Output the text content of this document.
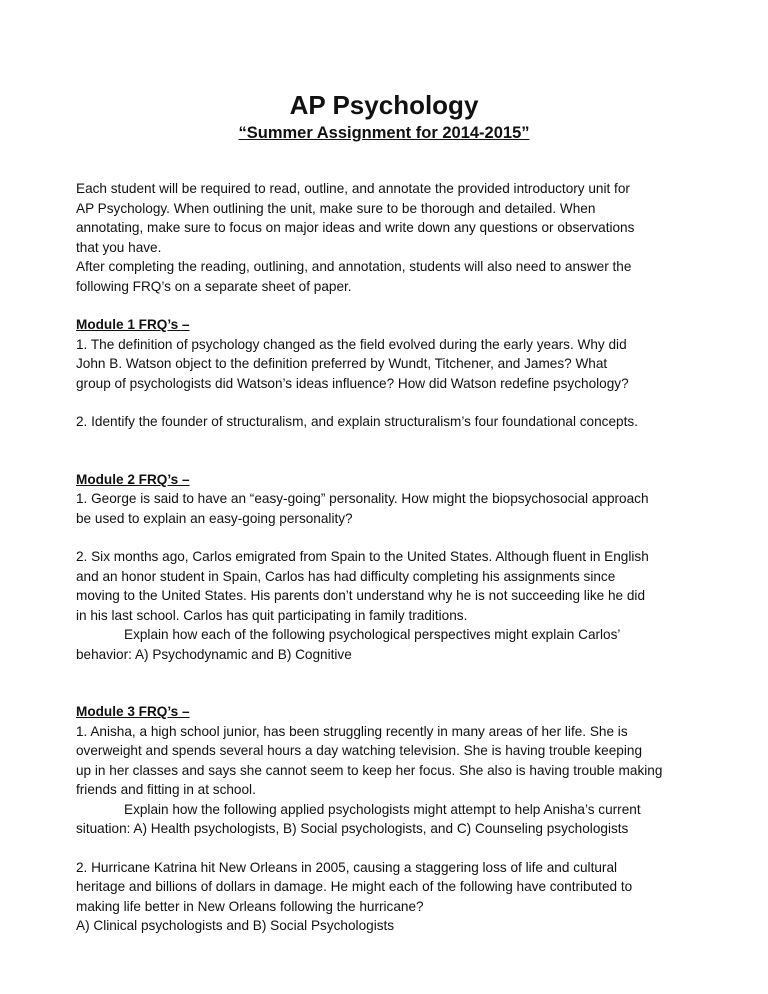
AP Psychology
“Summer Assignment for 2014-2015”

Each student will be required to read, outline, and annotate the provided introductory unit for
AP Psychology. When outlining the unit, make sure to be thorough and detailed. When
annotating, make sure to focus on major ideas and write down any questions or observations
that you have.

After completing the reading, outlining, and annotation, students will also need to answer the
following FRQ’s on a separate sheet of paper.

Module 1 FRQ’s –

1. The definition of psychology changed as the field evolved during the early years. Why did
John B. Watson object to the definition preferred by Wundt, Titchener, and James? What
group of psychologists did Watson’s ideas influence? How did Watson redefine psychology?

2. Identify the founder of structuralism, and explain structuralism’s four foundational concepts.

Module 2 FRQ’s –

1. George is said to have an “easy-going” personality. How might the biopsychosocial approach
be used to explain an easy-going personality?

2. Six months ago, Carlos emigrated from Spain to the United States. Although fluent in English
and an honor student in Spain, Carlos has had difficulty completing his assignments since
moving to the United States. His parents don’t understand why he is not succeeding like he did
in his last school. Carlos has quit participating in family traditions.

Explain how each of the following psychological perspectives might explain Carlos’
behavior: A) Psychodynamic and B) Cognitive

Module 3 FRQ’s –

1. Anisha, a high school junior, has been struggling recently in many areas of her life. She is
overweight and spends several hours a day watching television. She is having trouble keeping
up in her classes and says she cannot seem to keep her focus. She also is having trouble making
friends and fitting in at school.

Explain how the following applied psychologists might attempt to help Anisha’s current
situation: A) Health psychologists, B) Social psychologists, and C) Counseling psychologists

2. Hurricane Katrina hit New Orleans in 2005, causing a staggering loss of life and cultural
heritage and billions of dollars in damage. He might each of the following have contributed to
making life better in New Orleans following the hurricane?
A) Clinical psychologists and B) Social Psychologists
